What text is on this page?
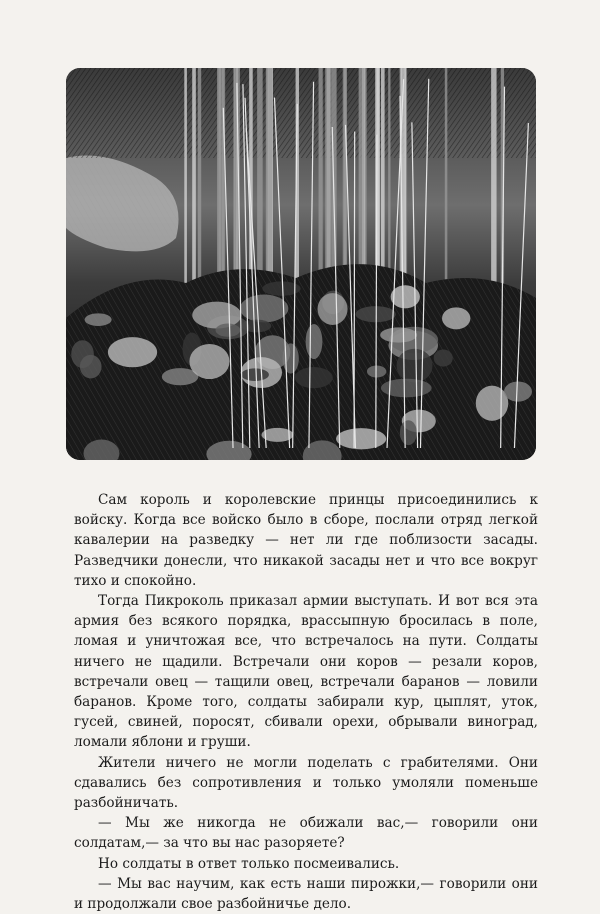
Сам король и королевские принцы присоединились к войску. Когда все войско было в сборе, послали отряд легкой кавалерии на разведку — нет ли где поблизости засады. Разведчики донесли, что никакой засады нет и что все вокруг тихо и спокойно.

Тогда Пикроколь приказал армии выступать. И вот вся эта армия без всякого порядка, врассыпную бросилась в поле, ломая и уничтожая все, что встречалось на пути. Солдаты ничего не щадили. Встречали они коров — резали коров, встречали овец — тащили овец, встречали баранов — ловили баранов. Кроме того, солдаты забирали кур, цыплят, уток, гусей, свиней, поросят, сбивали орехи, обрывали виноград, ломали яблони и груши.

Жители ничего не могли поделать с грабителями. Они сдавались без сопротивления и только умоляли поменьше разбойничать.

— Мы же никогда не обижали вас,— говорили они солдатам,— за что вы нас разоряете?

Но солдаты в ответ только посмеивались.

— Мы вас научим, как есть наши пирожки,— говорили они и продолжали свое разбойничье дело.
